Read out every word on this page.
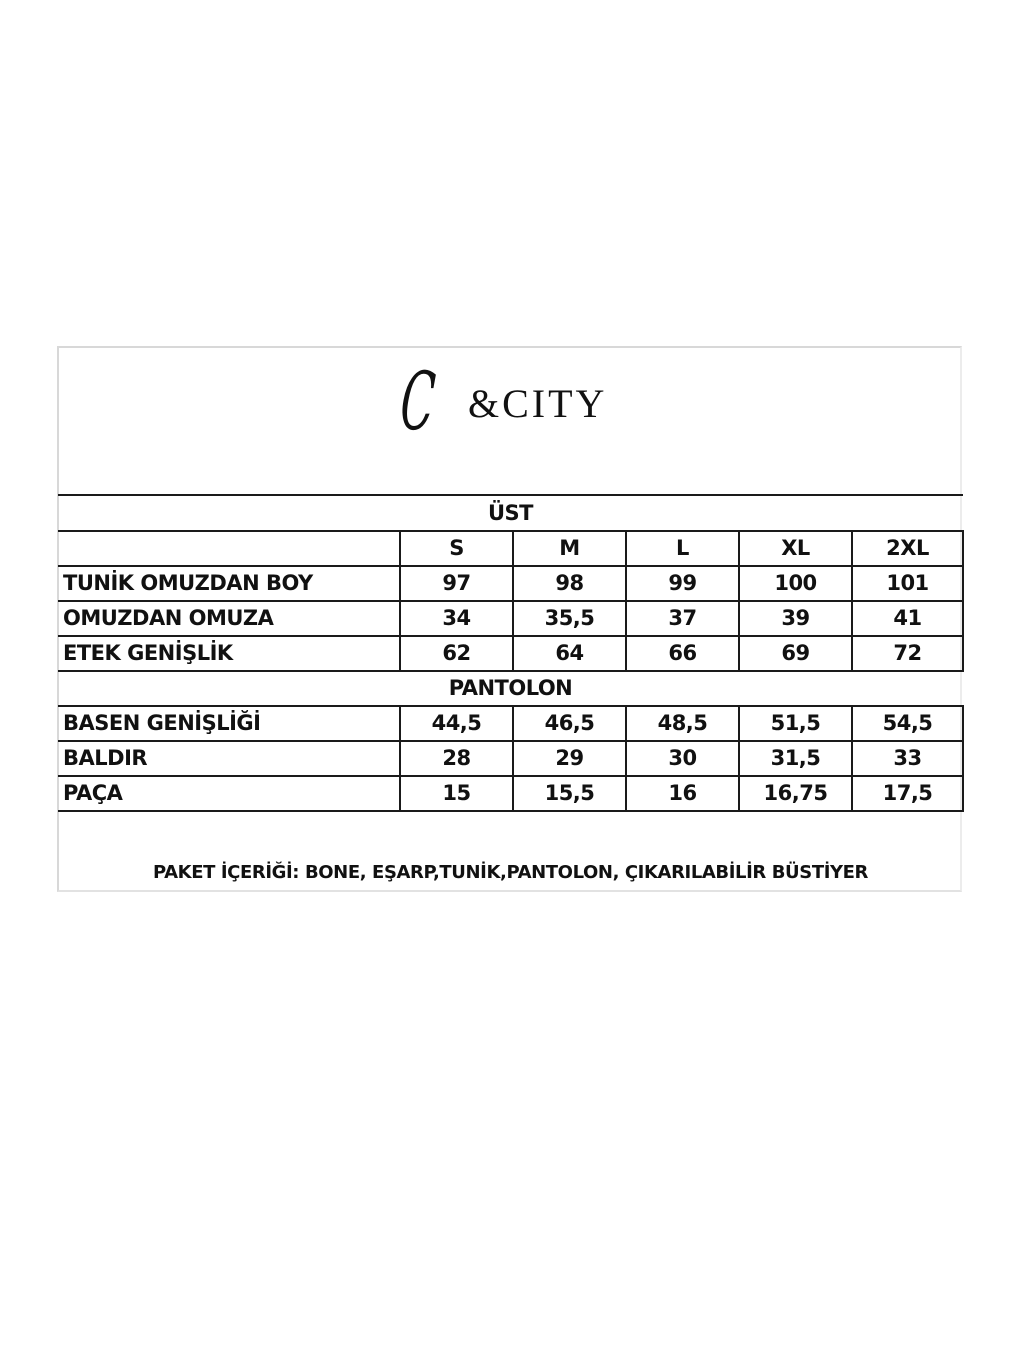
C &CITY
ÜST					
	S	M	L	XL	2XL
TUNİK OMUZDAN BOY	97	98	99	100	101
OMUZDAN OMUZA	34	35,5	37	39	41
ETEK GENİŞLİK	62	64	66	69	72
PANTOLON					
BASEN GENİŞLİĞİ	44,5	46,5	48,5	51,5	54,5
BALDIR	28	29	30	31,5	33
PAÇA	15	15,5	16	16,75	17,5
PAKET İÇERİĞİ: BONE, EŞARP,TUNİK,PANTOLON, ÇIKARILABİLİR BÜSTİYER
